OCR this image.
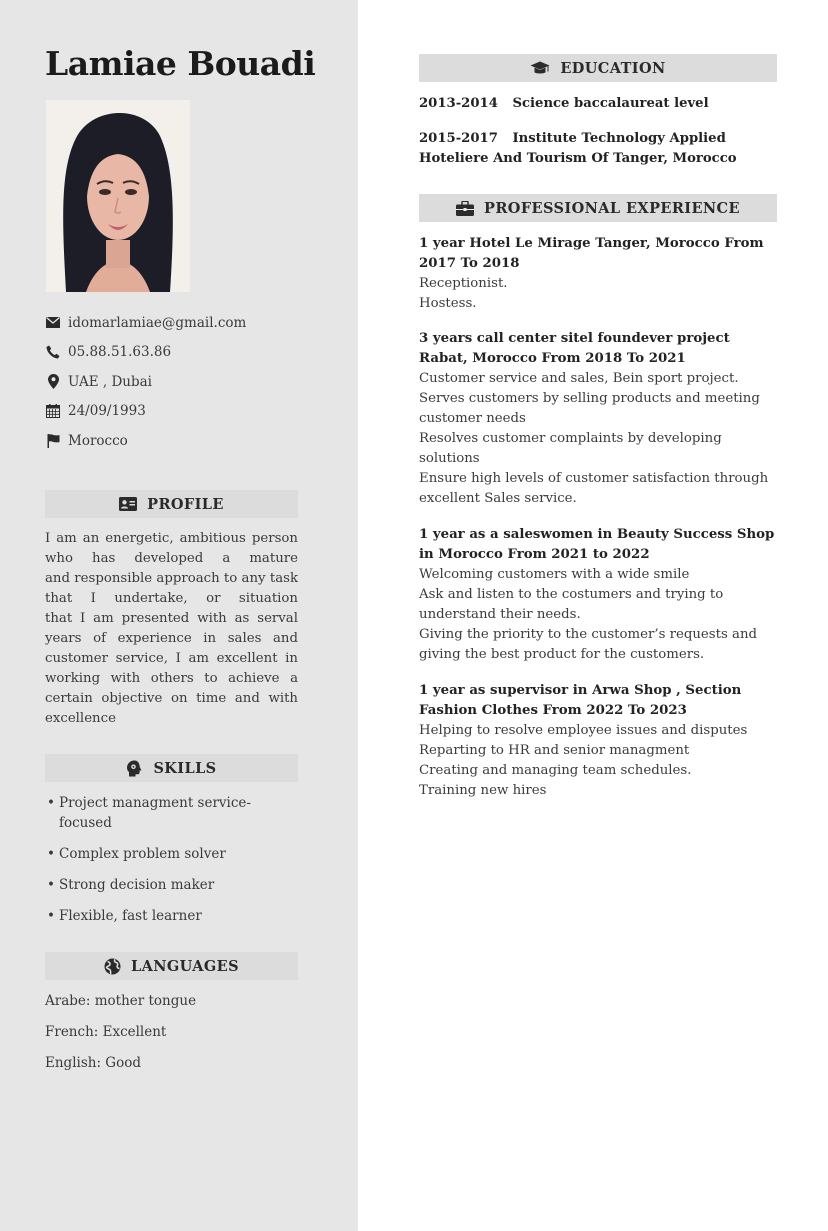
Lamiae Bouadi
idomarlamiae@gmail.com
05.88.51.63.86
UAE , Dubai
24/09/1993
Morocco
PROFILE

I am an energetic, ambitious person who has developed a mature

and responsible approach to any task that I undertake, or situation

that I am presented with as serval years of experience in sales and customer service, I am excellent in working with others to achieve a certain objective on time and with excellence

SKILLS
• Project managment service-focused
• Complex problem solver
• Strong decision maker
• Flexible, fast learner
LANGUAGES
Arabe: mother tongue
French: Excellent
English: Good
EDUCATION
2013-2014 Science baccalaureat level
2015-2017 Institute Technology Applied Hoteliere And Tourism Of Tanger, Morocco
PROFESSIONAL EXPERIENCE
1 year Hotel Le Mirage Tanger, Morocco From 2017 To 2018
Receptionist.
Hostess.
3 years call center sitel foundever project Rabat, Morocco From 2018 To 2021
Customer service and sales, Bein sport project.
Serves customers by selling products and meeting customer needs
Resolves customer complaints by developing solutions
Ensure high levels of customer satisfaction through excellent Sales service.
1 year as a saleswomen in Beauty Success Shop in Morocco From 2021 to 2022
Welcoming customers with a wide smile
Ask and listen to the costumers and trying to understand their needs.
Giving the priority to the customer’s requests and giving the best product for the customers.
1 year as supervisor in Arwa Shop , Section Fashion Clothes From 2022 To 2023
Helping to resolve employee issues and disputes
Reparting to HR and senior managment
Creating and managing team schedules.
Training new hires
